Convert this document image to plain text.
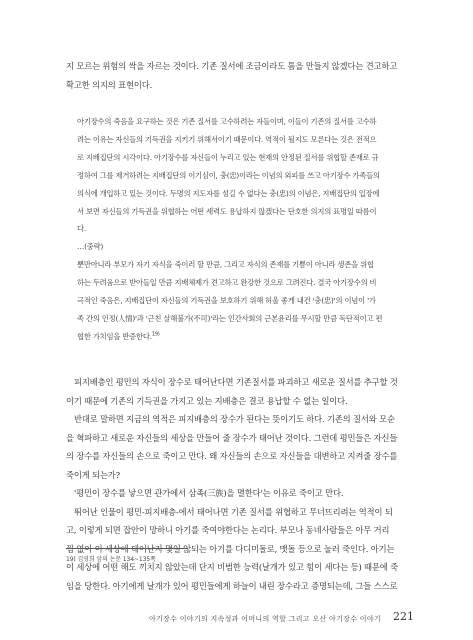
지 모르는 위험의 싹을 자르는 것이다. 기존 질서에 조금이라도 틈을 만들지 않겠다는 견고하고

확고한 의지의 표현이다.

아기장수의 죽음을 요구하는 것은 기존 질서를 고수하려는 자들이며, 이들이 기존의 질서를 고수하

려는 이유는 자신들의 기득권을 지키기 위해서이기 때문이다. 역적이 될지도 모른다는 것은 전적으

로 지배집단의 시각이다. 아기장수를 자신들이 누리고 있는 현재의 안정된 질서를 위협할 존재로 규

정하여 그를 제거하려는 지배집단의 이기심이, 충(忠)이라는 이념의 외피를 쓰고 아기장수 가족들의

의식에 개입하고 있는 것이다. 두명의 지도자를 섬길 수 없다는 충(忠)의 이념은, 지배집단의 입장에

서 보면 자신들의 기득권을 위협하는 어떤 세력도 용납하지 않겠다는 단호한 의지의 표명일 따름이

다.

…(중략)

뿐만아니라 부모가 자기 자식을 죽이러 할 만큼, 그리고 자식의 존재를 기쁨이 아니라 생존을 위협

하는 두려움으로 받아들일 만큼 지배체제가 견고하고 완강한 것으로 그려진다. 결국 아기장수의 비

극적인 죽음은, 지배집단이 자신들의 기득권을 보호하기 위해 허울 좋게 내건 '충(忠)'의 이념이 '가

족 간의 인정(人情)'과 '근친 살해불가(不可)'라는 인간사회의 근본윤리를 무시할 만큼 독단적이고 편

협한 가치임을 반증한다.$^{19)}$

피지배층인 평민의 자식이 장수로 태어난다면 기존질서를 파괴하고 새로운 질서를 추구할 것

이기 때문에 기존의 기득권을 가지고 있는 지배층은 결코 용납할 수 없는 일이다.

반대로 말하면 지금의 역적은 피지배층의 장수가 된다는 뜻이기도 하다. 기존의 질서와 모순

을 혁파하고 새로운 자신들의 세상을 만들어 줄 장수가 태어난 것이다. 그런데 평민들은 자신들

의 장수를 자신들의 손으로 죽이고 만다. 왜 자신들의 손으로 자신들을 대변하고 지켜줄 장수를

죽이게 되는가?

'평민이 장수를 낳으면 관가에서 삼족(三族)을 멸한다'는 이유로 죽이고 만다.

뛰어난 인물이 평민-피지배층-에서 태어나면 기존 질서를 위협하고 무너뜨리려는 역적이 되

고, 이렇게 되면 잡안이 망하니 아기를 죽여야한다는 논리다. 부모나 동네사람들은 아무 거리

낌 없이 이 세상에 태어난지 몇일 않되는 아기를 다디미돌로, 맷돌 등으로 눌러 죽인다. 아기는

이 세상에 어떤 해도 끼치지 않았는데 단지 비범한 능력(날개가 있고 힘이 세다는 등) 때문에 죽

임을 당한다. 아기에게 날개가 있어 평민들에게 하늘이 내린 장수라고 증명되는데, 그들 스스로

19) 김영희 앞의 논문 134~135쪽
아기장수 이야기의 지속성과 어머니의 역할 그리고 오산 아기장수 이야기 221
